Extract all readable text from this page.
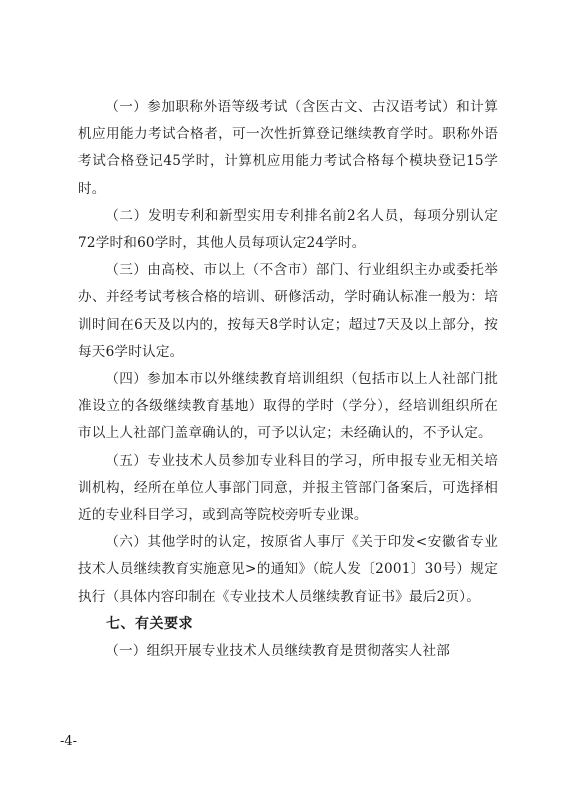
（一）参加职称外语等级考试（含医古文、古汉语考试）和计算机应用能力考试合格者，可一次性折算登记继续教育学时。职称外语考试合格登记45学时，计算机应用能力考试合格每个模块登记15学时。

（二）发明专利和新型实用专利排名前2名人员，每项分别认定72学时和60学时，其他人员每项认定24学时。

（三）由高校、市以上（不含市）部门、行业组织主办或委托举办、并经考试考核合格的培训、研修活动，学时确认标准一般为：培训时间在6天及以内的，按每天8学时认定；超过7天及以上部分，按每天6学时认定。

（四）参加本市以外继续教育培训组织（包括市以上人社部门批准设立的各级继续教育基地）取得的学时（学分），经培训组织所在市以上人社部门盖章确认的，可予以认定；未经确认的，不予认定。

（五）专业技术人员参加专业科目的学习，所申报专业无相关培训机构，经所在单位人事部门同意，并报主管部门备案后，可选择相近的专业科目学习，或到高等院校旁听专业课。

（六）其他学时的认定，按原省人事厅《关于印发<安徽省专业技术人员继续教育实施意见>的通知》（皖人发〔2001〕30号）规定执行（具体内容印制在《专业技术人员继续教育证书》最后2页）。

七、有关要求

（一）组织开展专业技术人员继续教育是贯彻落实人社部

-4-
